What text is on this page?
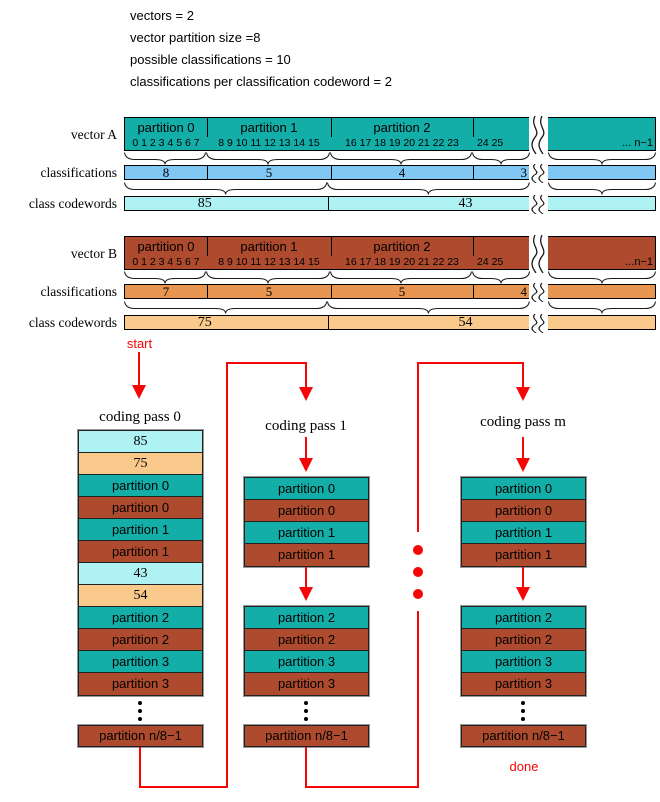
vectors = 2
vector partition size =8
possible classifications = 10
classifications per classification codeword = 2
vector A
classifications
class codewords
partition 0	partition 1	partition 2
0 1 2 3 4 5 6 7	8 9 10 11 12 13 14 15	16 17 18 19 20 21 22 23	24 25	... n−1
8	5	4	3
85	43
vector B
classifications
class codewords
partition 0	partition 1	partition 2
0 1 2 3 4 5 6 7	8 9 10 11 12 13 14 15	16 17 18 19 20 21 22 23	24 25	...n−1
7	5	5	4
75	54
coding pass 0
85
75
partition 0
partition 0
partition 1
partition 1
43
54
partition 2
partition 2
partition 3
partition 3
partition n/8−1
coding pass 1
partition 0
partition 0
partition 1
partition 1
partition 2
partition 2
partition 3
partition 3
partition n/8−1
coding pass m
partition 0
partition 0
partition 1
partition 1
partition 2
partition 2
partition 3
partition 3
partition n/8−1
start
done
